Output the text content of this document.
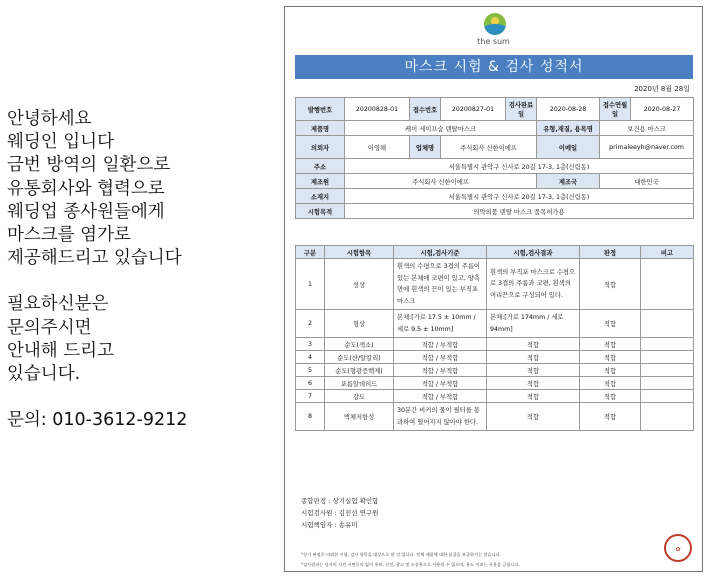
안녕하세요
웨딩인 입니다
금번 방역의 일환으로
유통회사와 협력으로
웨딩업 종사원들에게
마스크를 염가로
제공해드리고 있습니다
필요하신분은
문의주시면
안내해 드리고
있습니다.
문의: 010-3612-9212
the sum
마스크 시험 & 검사 성적서
2020년 8월 28일
발행번호	20200828-01	접수번호	20200827-01	검사완료일	2020-08-28	접수연월일	2020-08-27
제품명	케이 세이프숨 덴탈마스크				유형,재질, 용목명	보건용 마스크	
의뢰자	이영해	업체명	주식회사 신한이에프		이메일	primaleeyh@naver.com	
주소	서울특별시 관악구 신사로 20길 17-3, 1층(신림동)						
제조원	주식회사 신한이에프				제조국	대한민국	
소재지	서울특별시 관악구 신사로 20길 17-3, 1층(신림동)						
시험목적	의약외품 덴탈 마스크 품목허가용						
구분	시험항목	시험,검사기준	시험,검사결과	판정	비고
1	성상	흰색의 수평으로 3겹의 주름이 있는 본체에 코편이 있고, 양측면에 흰색의 끈이 있는 부직포 마스크	흰색의 부직포 마스크로 수평으로 3겹의 주름과 코편, 흰색의 머리끈으로 구성되어 있다.	적합	
2	형상	본체:[가로 17.5 ± 10mm / 세로 9.5 ± 10mm]	본체:[가로 174mm / 세로 94mm]	적합	
3	순도(색소)	적합 / 부적합	적합	적합	
4	순도(산/알칼리)	적합 / 부적합	적합	적합	
5	순도(형광증백제)	적합 / 부적합	적합	적합	
6	포름알데히드	적합 / 부적합	적합	적합	
7	강도	적합 / 부적합	적합	적합	
8	액체저항성	30분간 비커의 물이 필터를 통과하여 떨어지지 않아야 한다.	적합	적합	
종합판정 : 상기실험 확인함
시험검사원 : 김진선 연구원
시험책임자 : 송유미
*상기 판정은 의뢰한 시험, 검사 항목을 대상으로 한 것 입니다. 전체 제품에 대한 품질을 보증하지는 않습니다.
*검사결과는 당사의 사전 서면동의 없이 홍보, 선전, 광고 및 소송용으로 사용될 수 없으며, 용도 이외는 사용을 금합니다.
✿
